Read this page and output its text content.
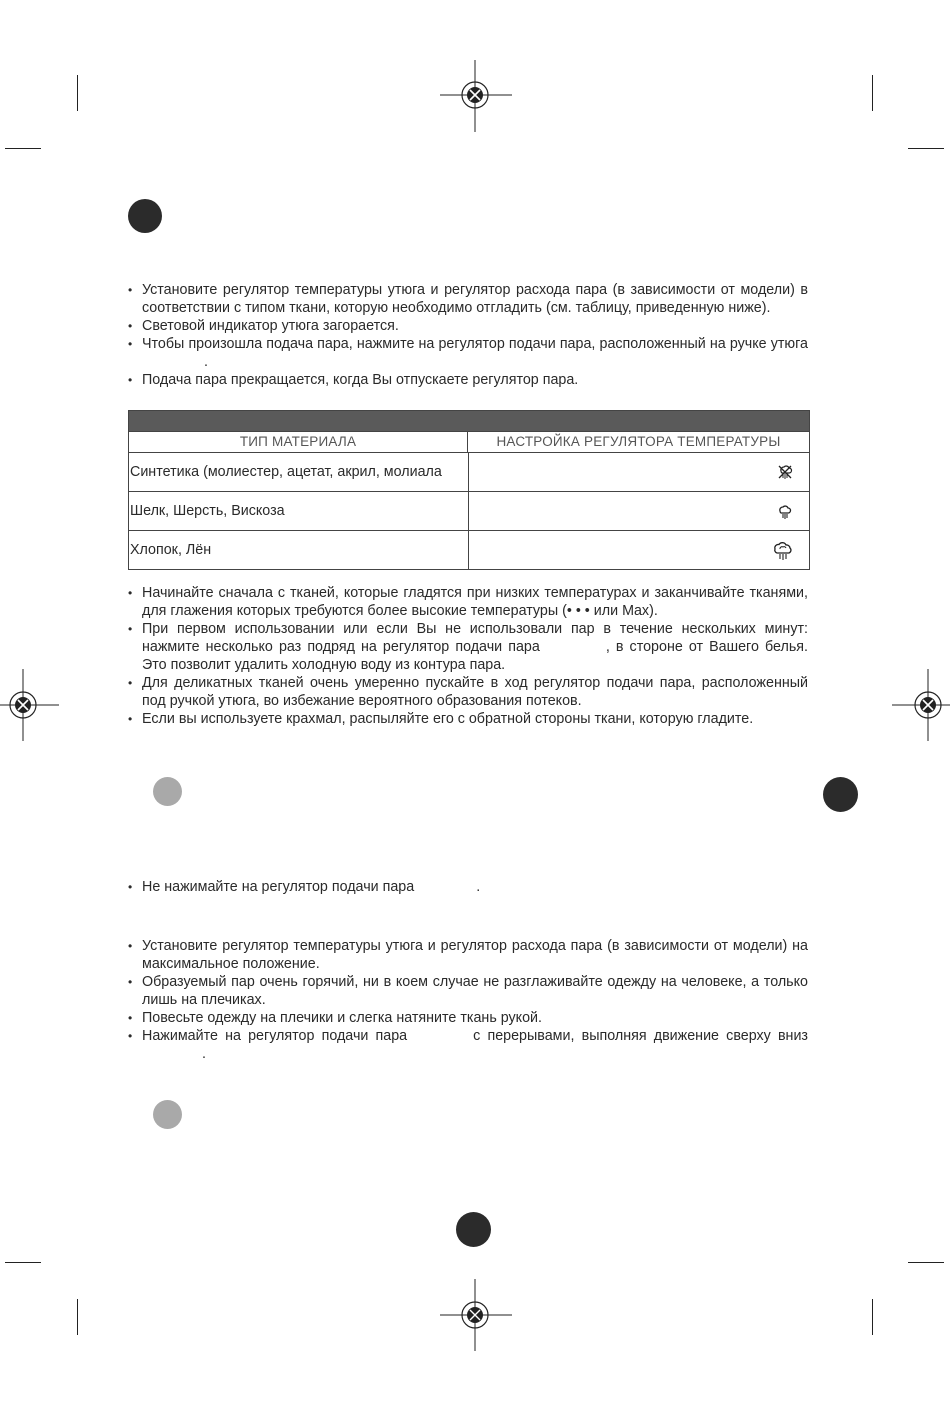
• Установите регулятор температуры утюга и регулятор расхода пара (в зависимости от модели) в соответствии с типом ткани, которую необходимо отгладить (см. таблицу, приведенную ниже).
• Световой индикатор утюга загорается.
• Чтобы произошла подача пара, нажмите на регулятор подачи пара, расположенный на ручке утюга.
• Подача пара прекращается, когда Вы отпускаете регулятор пара.
ТИП МАТЕРИАЛА	НАСТРОЙКА РЕГУЛЯТОРА ТЕМПЕРАТУРЫ
Синтетика (молиестер, ацетат, акрил, молиала
Шелк, Шерсть, Вискоза
Хлопок, Лён
• Начинайте сначала с тканей, которые гладятся при низких температурах и заканчивайте тканями, для глажения которых требуются более высокие температуры (• • • или Max).
• При первом использовании или если Вы не использовали пар в течение нескольких минут: нажмите несколько раз подряд на регулятор подачи пара	, в стороне от Вашего белья. Это позволит удалить холодную воду из контура пара.
• Для деликатных тканей очень умеренно пускайте в ход регулятор подачи пара, расположенный под ручкой утюга, во избежание вероятного образования потеков.
• Если вы используете крахмал, распыляйте его с обратной стороны ткани, которую гладите.
• Не нажимайте на регулятор подачи пара	.
• Установите регулятор температуры утюга и регулятор расхода пара (в зависимости от модели) на максимальное положение.
• Образуемый пар очень горячий, ни в коем случае не разглаживайте одежду на человеке, а только лишь на плечиках.
• Повесьте одежду на плечики и слегка натяните ткань рукой.
• Нажимайте на регулятор подачи пара	с перерывами, выполняя движение сверху вниз.
